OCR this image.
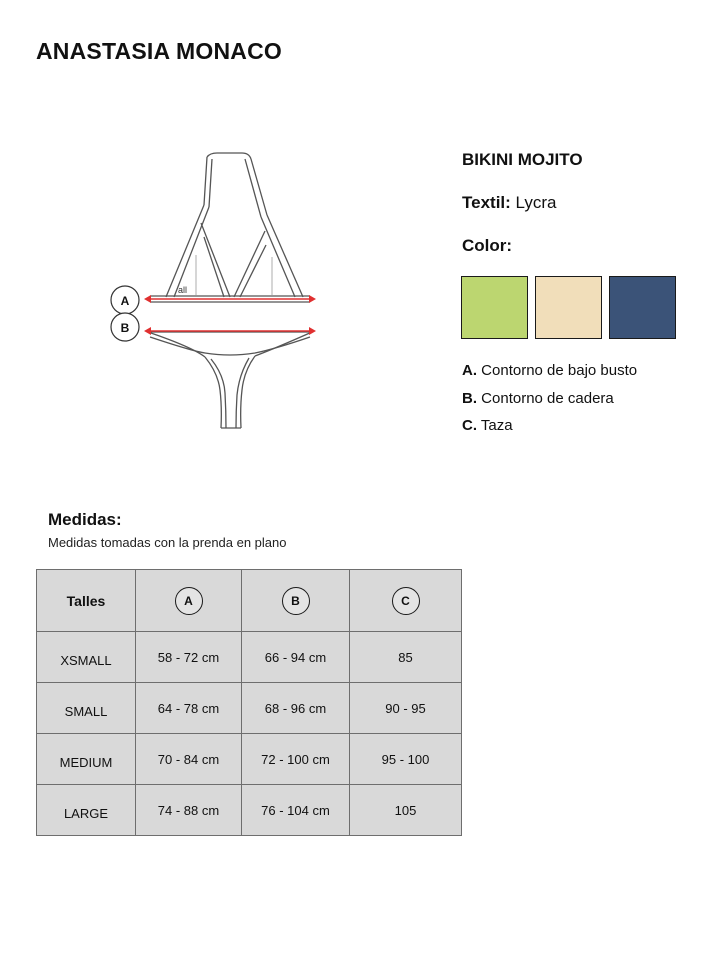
ANASTASIA MONACO
all
A
B
BIKINI MOJITO
Textil: Lycra
Color:
A. Contorno de bajo busto
B. Contorno de cadera
C. Taza
Medidas:
Medidas tomadas con la prenda en plano
Talles	A	B	C
XSMALL	58 - 72 cm	66 - 94 cm	85
SMALL	64 - 78 cm	68 - 96 cm	90 - 95
MEDIUM	70 - 84 cm	72 - 100 cm	95 - 100
LARGE	74 - 88 cm	76 - 104 cm	105
